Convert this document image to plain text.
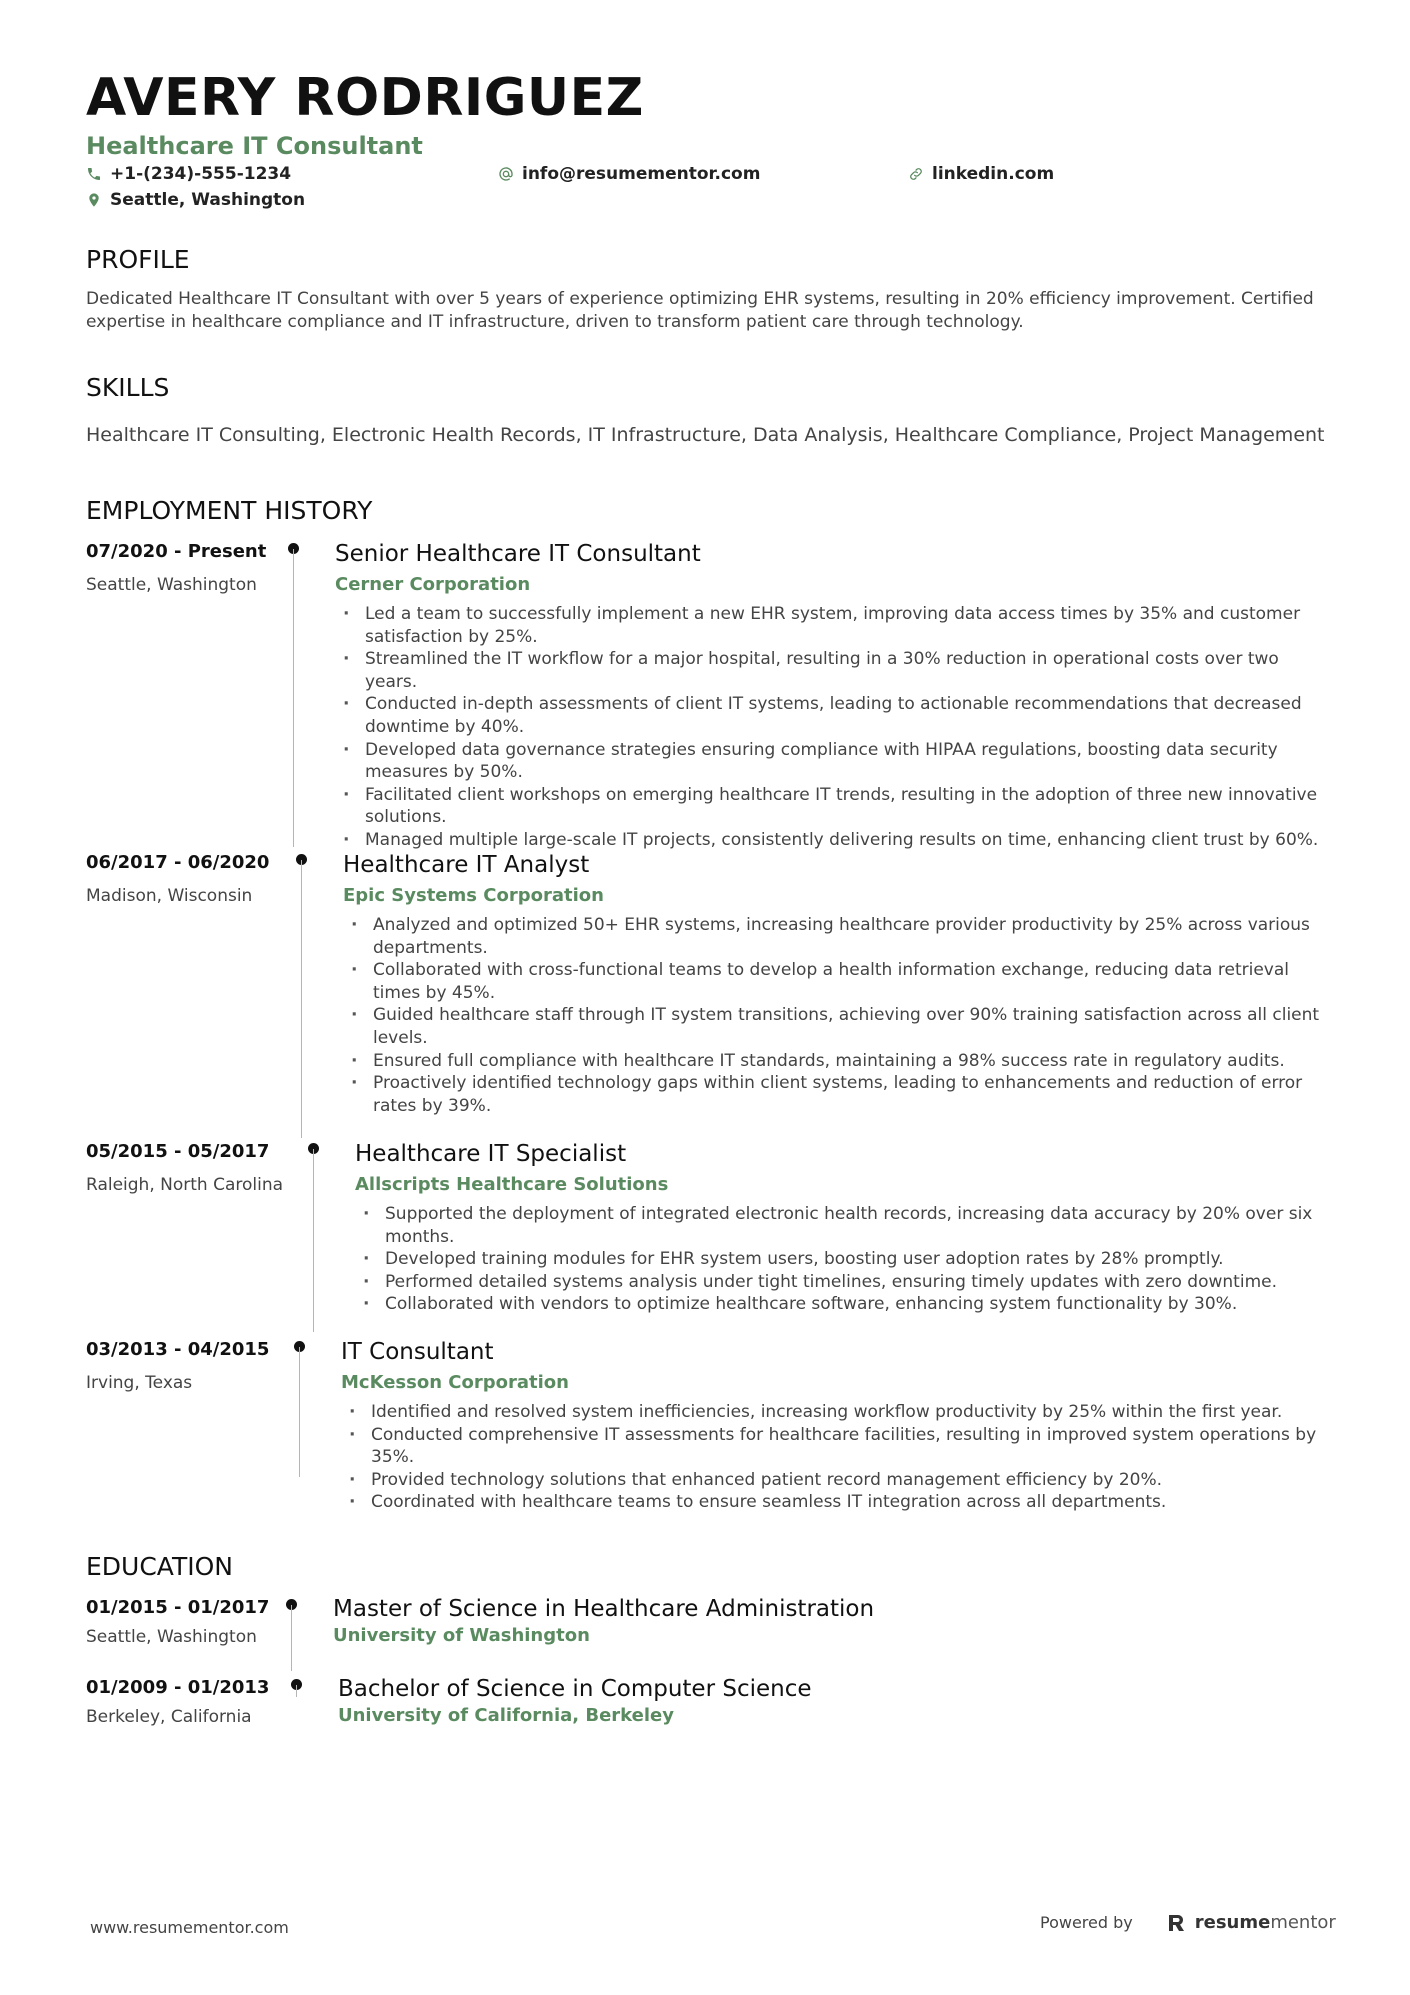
AVERY RODRIGUEZ
Healthcare IT Consultant
+1-(234)-555-1234	info@resumementor.com	linkedin.com
Seattle, Washington
PROFILE

Dedicated Healthcare IT Consultant with over 5 years of experience optimizing EHR systems, resulting in 20% efficiency improvement. Certified expertise in healthcare compliance and IT infrastructure, driven to transform patient care through technology.

SKILLS

Healthcare IT Consulting, Electronic Health Records, IT Infrastructure, Data Analysis, Healthcare Compliance, Project Management

EMPLOYMENT HISTORY
07/2020 - Present
Seattle, Washington
Senior Healthcare IT Consultant
Cerner Corporation
· Led a team to successfully implement a new EHR system, improving data access times by 35% and customer satisfaction by 25%.
· Streamlined the IT workflow for a major hospital, resulting in a 30% reduction in operational costs over two years.
· Conducted in-depth assessments of client IT systems, leading to actionable recommendations that decreased downtime by 40%.
· Developed data governance strategies ensuring compliance with HIPAA regulations, boosting data security measures by 50%.
· Facilitated client workshops on emerging healthcare IT trends, resulting in the adoption of three new innovative solutions.
· Managed multiple large-scale IT projects, consistently delivering results on time, enhancing client trust by 60%.
06/2017 - 06/2020
Madison, Wisconsin
Healthcare IT Analyst
Epic Systems Corporation
· Analyzed and optimized 50+ EHR systems, increasing healthcare provider productivity by 25% across various departments.
· Collaborated with cross-functional teams to develop a health information exchange, reducing data retrieval times by 45%.
· Guided healthcare staff through IT system transitions, achieving over 90% training satisfaction across all client levels.
· Ensured full compliance with healthcare IT standards, maintaining a 98% success rate in regulatory audits.
· Proactively identified technology gaps within client systems, leading to enhancements and reduction of error rates by 39%.
05/2015 - 05/2017
Raleigh, North Carolina
Healthcare IT Specialist
Allscripts Healthcare Solutions
· Supported the deployment of integrated electronic health records, increasing data accuracy by 20% over six months.
· Developed training modules for EHR system users, boosting user adoption rates by 28% promptly.
· Performed detailed systems analysis under tight timelines, ensuring timely updates with zero downtime.
· Collaborated with vendors to optimize healthcare software, enhancing system functionality by 30%.
03/2013 - 04/2015
Irving, Texas
IT Consultant
McKesson Corporation
· Identified and resolved system inefficiencies, increasing workflow productivity by 25% within the first year.
· Conducted comprehensive IT assessments for healthcare facilities, resulting in improved system operations by 35%.
· Provided technology solutions that enhanced patient record management efficiency by 20%.
· Coordinated with healthcare teams to ensure seamless IT integration across all departments.
EDUCATION
01/2015 - 01/2017
Seattle, Washington
Master of Science in Healthcare Administration
University of Washington
01/2009 - 01/2013
Berkeley, California
Bachelor of Science in Computer Science
University of California, Berkeley
www.resumementor.com	Powered by	resumementor
